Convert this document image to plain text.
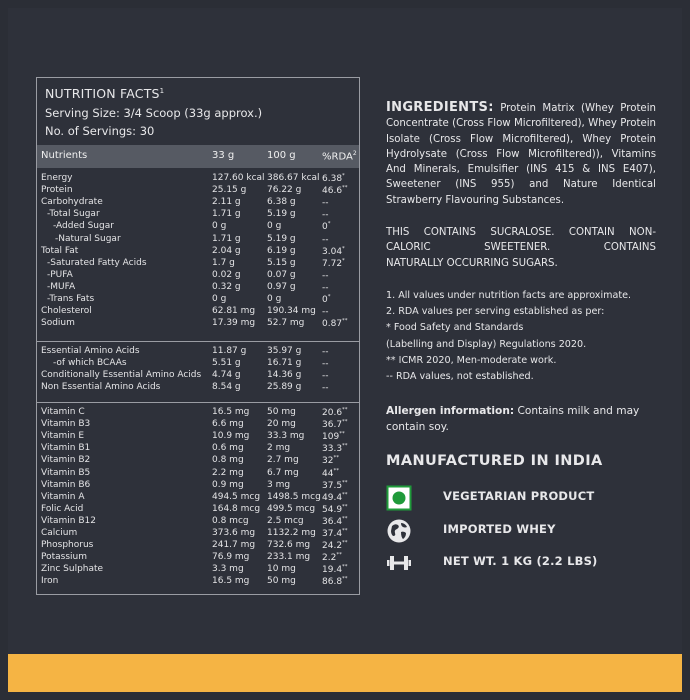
NUTRITION FACTS$^1$
Serving Size: 3/4 Scoop (33g approx.)
No. of Servings: 30
Nutrients	33 g	100 g	%RDA$^2$
Energy	127.60 kcal 386.67 kcal 6.38*
Protein	25.15 g 76.22 g 46.6**
Carbohydrate	2.11 g	6.38 g	--
-Total Sugar	1.71 g	5.19 g	--
-Added Sugar	0 g	0 g	0*
-Natural Sugar	1.71 g	5.19 g	--
Total Fat	2.04 g	6.19 g	3.04*
-Saturated Fatty Acids	1.7 g	5.15 g	7.72*
-PUFA	0.02 g	0.07 g	--
-MUFA	0.32 g	0.97 g	--
-Trans Fats	0 g	0 g	0*
Cholesterol	62.81 mg 190.34 mg --
Sodium	17.39 mg 52.7 mg 0.87**
Essential Amino Acids	11.87 g 35.97 g --
-of which BCAAs	5.51 g	16.71 g --
Conditionally Essential Amino Acids 4.74 g	14.36 g --
Non Essential Amino Acids	8.54 g	25.89 g --
Vitamin C	16.5 mg 50 mg	20.6**
Vitamin B3	6.6 mg	20 mg	36.7**
Vitamin E	10.9 mg 33.3 mg 109**
Vitamin B1	0.6 mg	2 mg	33.3**
Vitamin B2	0.8 mg	2.7 mg	32**
Vitamin B5	2.2 mg	6.7 mg	44**
Vitamin B6	0.9 mg	3 mg	37.5**
Vitamin A	494.5 mcg 1498.5 mcg 49.4**
Folic Acid	164.8 mcg 499.5 mcg 54.9**
Vitamin B12	0.8 mcg 2.5 mcg 36.4**
Calcium	373.6 mg 1132.2 mg 37.4**
Phosphorus	241.7 mg 732.6 mg 24.2**
Potassium	76.9 mg 233.1 mg 2.2**
Zinc Sulphate	3.3 mg	10 mg	19.4**
Iron	16.5 mg 50 mg	86.8**
INGREDIENTS: Protein Matrix (Whey Protein Concentrate (Cross Flow Microfiltered), Whey Protein Isolate (Cross Flow Microfiltered), Whey Protein Hydrolysate (Cross Flow Microfiltered)), Vitamins And Minerals, Emulsifier (INS 415 & INS E407), Sweetener (INS 955) and Nature Identical Strawberry Flavouring Substances.
THIS CONTAINS SUCRALOSE. CONTAIN NON-CALORIC SWEETENER. CONTAINS
NATURALLY OCCURRING SUGARS.
1. All values under nutrition facts are approximate.
2. RDA values per serving established as per:
* Food Safety and Standards
(Labelling and Display) Regulations 2020.
** ICMR 2020, Men-moderate work.
-- RDA values, not established.
Allergen information: Contains milk and may contain soy.
MANUFACTURED IN INDIA
VEGETARIAN PRODUCT
IMPORTED WHEY
NET WT. 1 KG (2.2 LBS)
